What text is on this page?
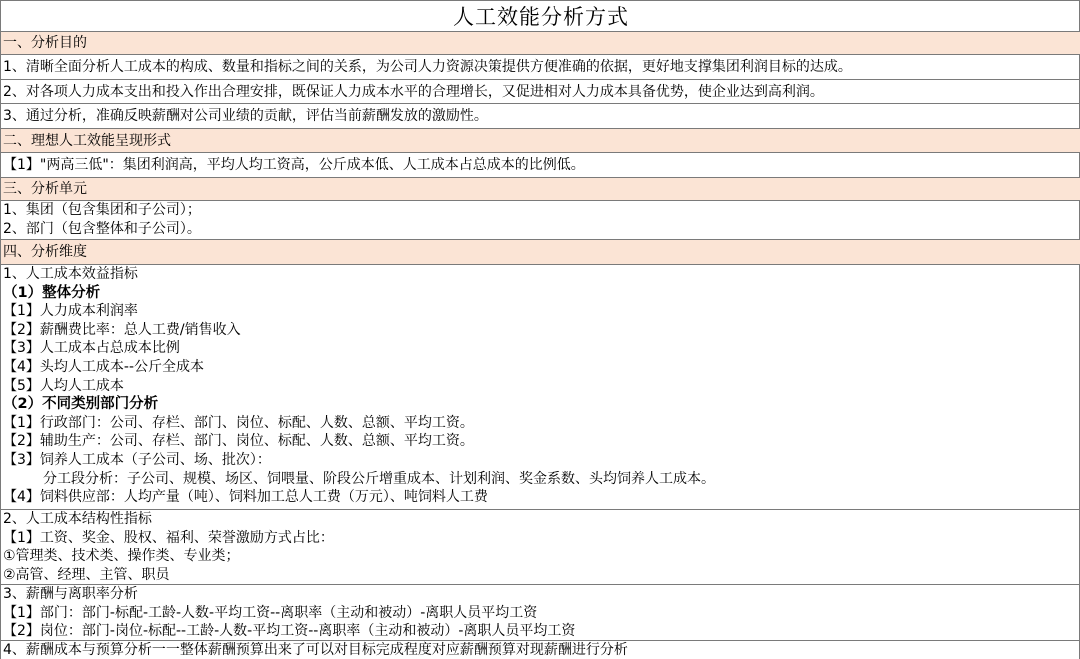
人工效能分析方式
一、分析目的
1、清晰全面分析人工成本的构成、数量和指标之间的关系，为公司人力资源决策提供方便准确的依据，更好地支撑集团利润目标的达成。
2、对各项人力成本支出和投入作出合理安排，既保证人力成本水平的合理增长，又促进相对人力成本具备优势，使企业达到高利润。
3、通过分析，准确反映薪酬对公司业绩的贡献，评估当前薪酬发放的激励性。
二、理想人工效能呈现形式
【1】"两高三低"：集团利润高，平均人均工资高，公斤成本低、人工成本占总成本的比例低。
三、分析单元
1、集团（包含集团和子公司）；
2、部门（包含整体和子公司）。
四、分析维度
1、人工成本效益指标
（1）整体分析
【1】人力成本利润率
【2】薪酬费比率：总人工费/销售收入
【3】人工成本占总成本比例
【4】头均人工成本--公斤全成本
【5】人均人工成本
（2）不同类别部门分析
【1】行政部门：公司、存栏、部门、岗位、标配、人数、总额、平均工资。
【2】辅助生产：公司、存栏、部门、岗位、标配、人数、总额、平均工资。
【3】饲养人工成本（子公司、场、批次）：
分工段分析：子公司、规模、场区、饲喂量、阶段公斤增重成本、计划利润、奖金系数、头均饲养人工成本。
【4】饲料供应部：人均产量（吨）、饲料加工总人工费（万元）、吨饲料人工费
2、人工成本结构性指标
【1】工资、奖金、股权、福利、荣誉激励方式占比：
①管理类、技术类、操作类、专业类；
②高管、经理、主管、职员
3、薪酬与离职率分析
【1】部门：部门-标配-工龄-人数-平均工资--离职率（主动和被动）-离职人员平均工资
【2】岗位：部门-岗位-标配--工龄-人数-平均工资--离职率（主动和被动）-离职人员平均工资
4、薪酬成本与预算分析一一整体薪酬预算出来了可以对目标完成程度对应薪酬预算对现薪酬进行分析
